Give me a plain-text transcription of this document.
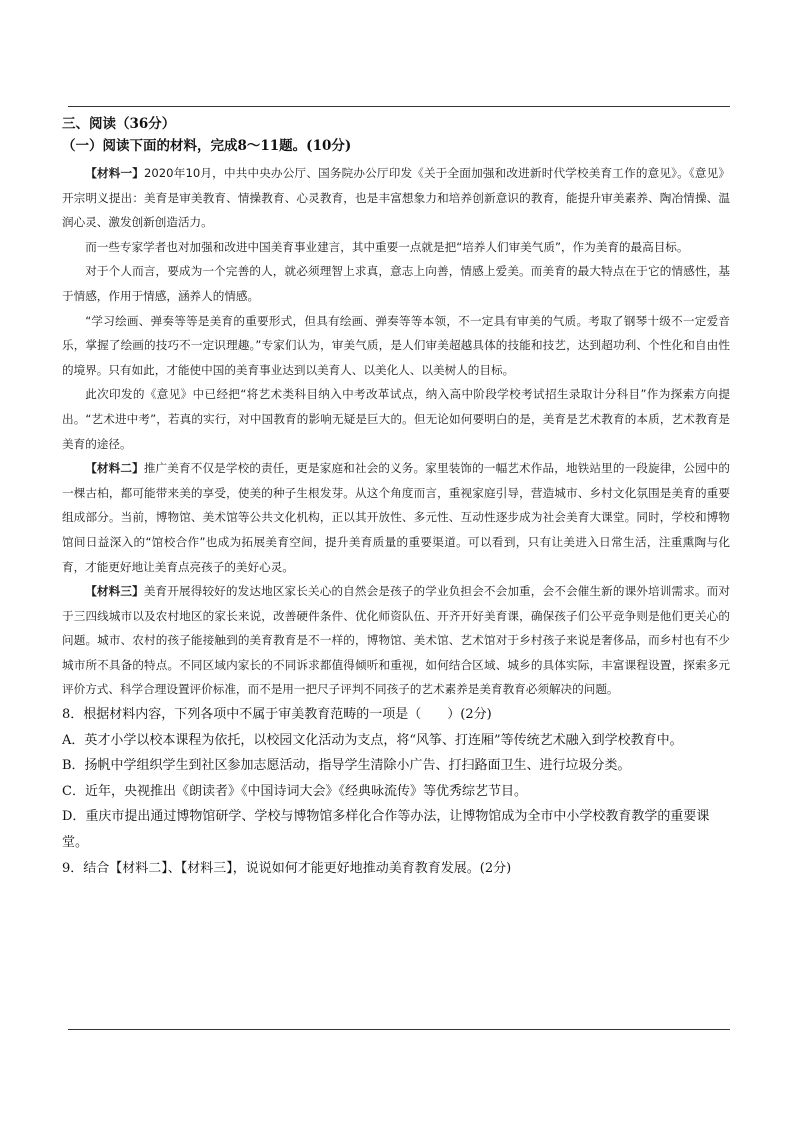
三、阅读（36分）

（一）阅读下面的材料，完成8～11题。(10分)

【材料一】2020年10月，中共中央办公厅、国务院办公厅印发《关于全面加强和改进新时代学校美育工作的意见》。《意见》开宗明义提出：美育是审美教育、情操教育、心灵教育，也是丰富想象力和培养创新意识的教育，能提升审美素养、陶冶情操、温润心灵、激发创新创造活力。

而一些专家学者也对加强和改进中国美育事业建言，其中重要一点就是把“培养人们审美气质”，作为美育的最高目标。

对于个人而言，要成为一个完善的人，就必须理智上求真，意志上向善，情感上爱美。而美育的最大特点在于它的情感性，基于情感，作用于情感，涵养人的情感。

“学习绘画、弹奏等等是美育的重要形式，但具有绘画、弹奏等等本领，不一定具有审美的气质。考取了钢琴十级不一定爱音乐，掌握了绘画的技巧不一定识理趣。”专家们认为，审美气质，是人们审美超越具体的技能和技艺，达到超功利、个性化和自由性的境界。只有如此，才能使中国的美育事业达到以美育人、以美化人、以美树人的目标。

此次印发的《意见》中已经把“将艺术类科目纳入中考改革试点，纳入高中阶段学校考试招生录取计分科目”作为探索方向提出。“艺术进中考”，若真的实行，对中国教育的影响无疑是巨大的。但无论如何要明白的是，美育是艺术教育的本质，艺术教育是美育的途径。

【材料二】推广美育不仅是学校的责任，更是家庭和社会的义务。家里装饰的一幅艺术作品，地铁站里的一段旋律，公园中的一棵古柏，都可能带来美的享受，使美的种子生根发芽。从这个角度而言，重视家庭引导，营造城市、乡村文化氛围是美育的重要组成部分。当前，博物馆、美术馆等公共文化机构，正以其开放性、多元性、互动性逐步成为社会美育大课堂。同时，学校和博物馆间日益深入的“馆校合作”也成为拓展美育空间，提升美育质量的重要渠道。可以看到，只有让美进入日常生活，注重熏陶与化育，才能更好地让美育点亮孩子的美好心灵。

【材料三】美育开展得较好的发达地区家长关心的自然会是孩子的学业负担会不会加重，会不会催生新的课外培训需求。而对于三四线城市以及农村地区的家长来说，改善硬件条件、优化师资队伍、开齐开好美育课，确保孩子们公平竞争则是他们更关心的问题。城市、农村的孩子能接触到的美育教育是不一样的，博物馆、美术馆、艺术馆对于乡村孩子来说是奢侈品，而乡村也有不少城市所不具备的特点。不同区域内家长的不同诉求都值得倾听和重视，如何结合区域、城乡的具体实际，丰富课程设置，探索多元评价方式、科学合理设置评价标准，而不是用一把尺子评判不同孩子的艺术素养是美育教育必须解决的问题。

8．根据材料内容，下列各项中不属于审美教育范畴的一项是（　　）(2分)

A．英才小学以校本课程为依托，以校园文化活动为支点，将“风筝、打连厢”等传统艺术融入到学校教育中。

B．扬帆中学组织学生到社区参加志愿活动，指导学生清除小广告、打扫路面卫生、进行垃圾分类。

C．近年，央视推出《朗读者》《中国诗词大会》《经典咏流传》等优秀综艺节目。

D．重庆市提出通过博物馆研学、学校与博物馆多样化合作等办法，让博物馆成为全市中小学校教育教学的重要课堂。

9．结合【材料二】、【材料三】，说说如何才能更好地推动美育教育发展。(2分)
